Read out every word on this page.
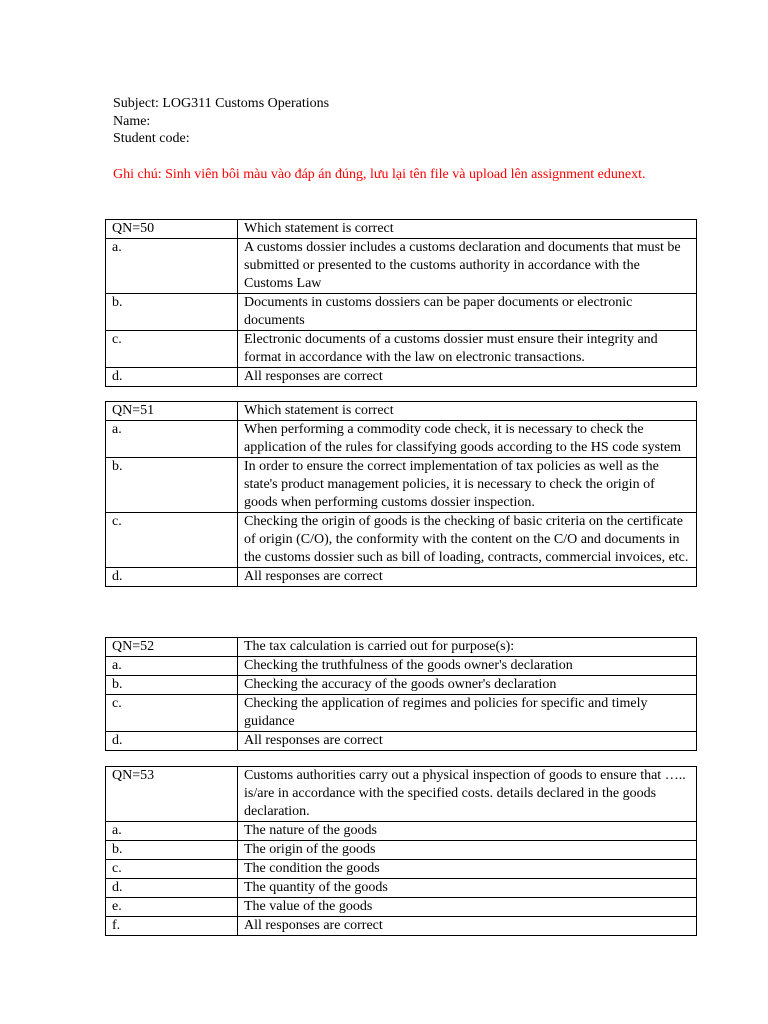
Subject: LOG311 Customs Operations
Name:
Student code:
Ghi chú: Sinh viên bôi màu vào đáp án đúng, lưu lại tên file và upload lên assignment edunext.
QN=50	Which statement is correct
a.	A customs dossier includes a customs declaration and documents that must be submitted or presented to the customs authority in accordance with the Customs Law
b.	Documents in customs dossiers can be paper documents or electronic documents
c.	Electronic documents of a customs dossier must ensure their integrity and format in accordance with the law on electronic transactions.
d.	All responses are correct
QN=51	Which statement is correct
a.	When performing a commodity code check, it is necessary to check the application of the rules for classifying goods according to the HS code system
b.	In order to ensure the correct implementation of tax policies as well as the state's product management policies, it is necessary to check the origin of goods when performing customs dossier inspection.
c.	Checking the origin of goods is the checking of basic criteria on the certificate of origin (C/O), the conformity with the content on the C/O and documents in the customs dossier such as bill of loading, contracts, commercial invoices, etc.
d.	All responses are correct
QN=52	The tax calculation is carried out for purpose(s):
a.	Checking the truthfulness of the goods owner's declaration
b.	Checking the accuracy of the goods owner's declaration
c.	Checking the application of regimes and policies for specific and timely guidance
d.	All responses are correct
QN=53	Customs authorities carry out a physical inspection of goods to ensure that ….. is/are in accordance with the specified costs. details declared in the goods declaration.
a.	The nature of the goods
b.	The origin of the goods
c.	The condition the goods
d.	The quantity of the goods
e.	The value of the goods
f.	All responses are correct
